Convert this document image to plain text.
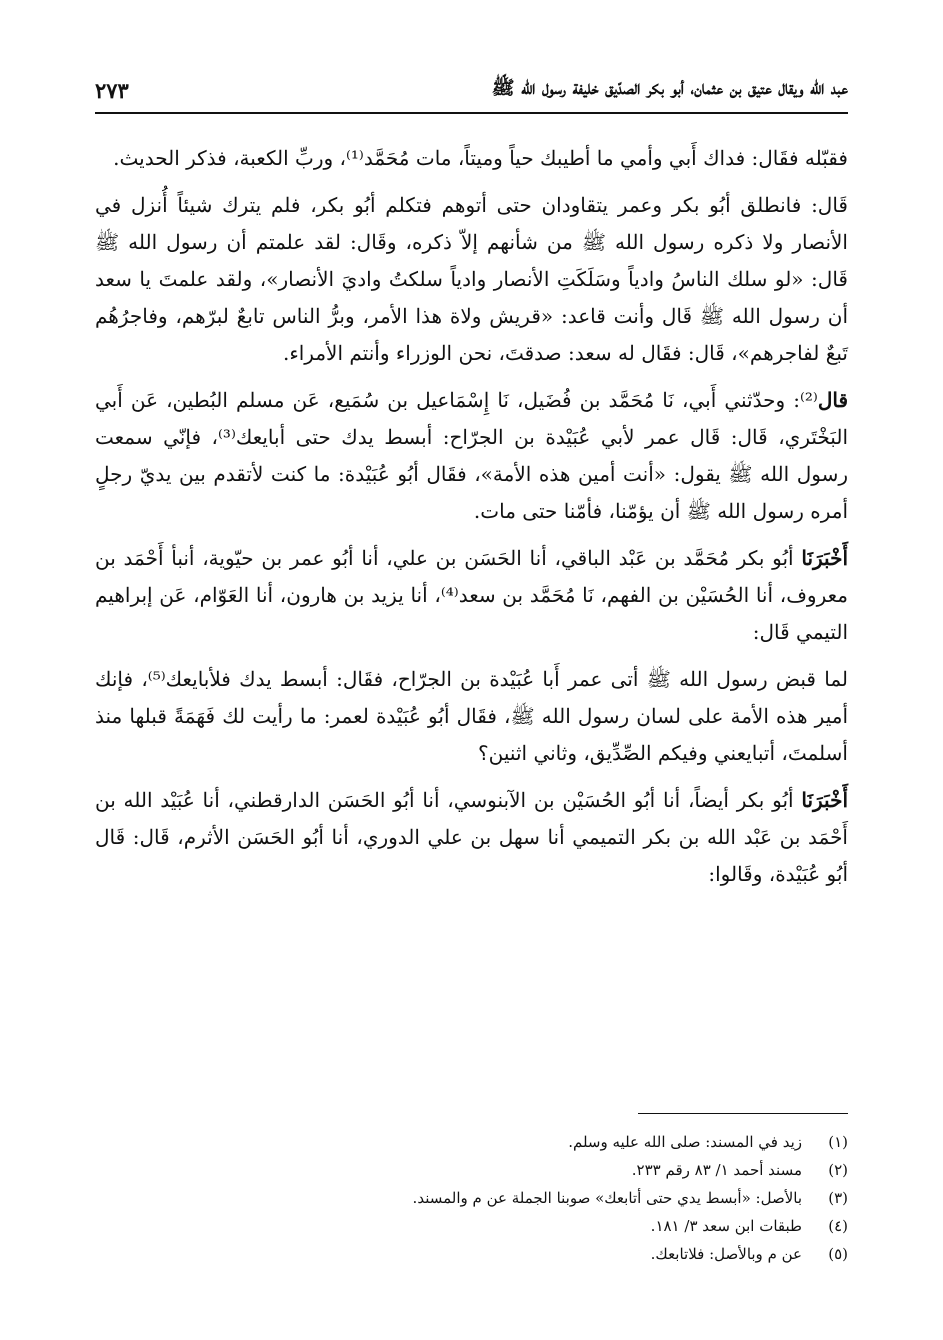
عبد الله ويقال عتيق بن عثمان، أبو بكر الصدّيق خليفة رسول الله ﷺ
٢٧٣

فقبّله فقَال: فداك أَبي وأمي ما أطيبك حياً وميتاً، مات مُحَمَّد⁽¹⁾، وربِّ الكعبة، فذكر الحديث.

قَال: فانطلق أبُو بكر وعمر يتقاودان حتى أتوهم فتكلم أبُو بكر، فلم يترك شيئاً أُنزل في الأنصار ولا ذكره رسول الله ﷺ من شأنهم إلاّ ذكره، وقَال: لقد علمتم أن رسول الله ﷺ قَال: «لو سلك الناسُ وادياً وسَلَكَتِ الأنصار وادياً سلكتُ واديَ الأنصار»، ولقد علمتَ يا سعد أن رسول الله ﷺ قَال وأنت قاعد: «قريش ولاة هذا الأمر، وبرُّ الناس تابعٌ لبرّهم، وفاجرُهُم تَبعٌ لفاجرهم»، قَال: فقَال له سعد: صدقتَ، نحن الوزراء وأنتم الأمراء.

قال⁽²⁾: وحدّثني أَبي، نَا مُحَمَّد بن فُضَيل، نَا إِسْمَاعيل بن سُمَيع، عَن مسلم البُطين، عَن أَبي البَخْتَري، قَال: قَال عمر لأبي عُبَيْدة بن الجرّاح: أبسط يدك حتى أبايعك⁽³⁾، فإنّي سمعت رسول الله ﷺ يقول: «أنت أمين هذه الأمة»، فقَال أبُو عُبَيْدة: ما كنت لأتقدم بين يديّ رجلٍ أمره رسول الله ﷺ أن يؤمّنا، فأمّنا حتى مات.

أَخْبَرَنَا أبُو بكر مُحَمَّد بن عَبْد الباقي، أنا الحَسَن بن علي، أنا أبُو عمر بن حيّوية، أنبأ أَحْمَد بن معروف، أنا الحُسَيْن بن الفهم، نَا مُحَمَّد بن سعد⁽⁴⁾، أنا يزيد بن هارون، أنا العَوّام، عَن إبراهيم التيمي قَال:

لما قبض رسول الله ﷺ أتى عمر أَبا عُبَيْدة بن الجرّاح، فقَال: أبسط يدك فلأبايعك⁽⁵⁾، فإنك أمير هذه الأمة على لسان رسول الله ﷺ، فقَال أبُو عُبَيْدة لعمر: ما رأيت لك فَهَمَةً قبلها منذ أسلمتَ، أتبايعني وفيكم الصِّدِّيق، وثاني اثنين؟

أَخْبَرَنَا أبُو بكر أيضاً، أنا أبُو الحُسَيْن بن الآبنوسي، أنا أبُو الحَسَن الدارقطني، أنا عُبَيْد الله بن أَحْمَد بن عَبْد الله بن بكر التميمي أنا سهل بن علي الدوري، أنا أبُو الحَسَن الأثرم، قَال: قَال أبُو عُبَيْدة، وقَالوا:

(١)
زيد في المسند: صلى الله عليه وسلم.
(٢)
مسند أحمد ١/ ٨٣ رقم ٢٣٣.
(٣)
بالأصل: «أبسط يدي حتى أتابعك» صوبنا الجملة عن م والمسند.
(٤)
طبقات ابن سعد ٣/ ١٨١.
(٥)
عن م وبالأصل: فلاتابعك.
